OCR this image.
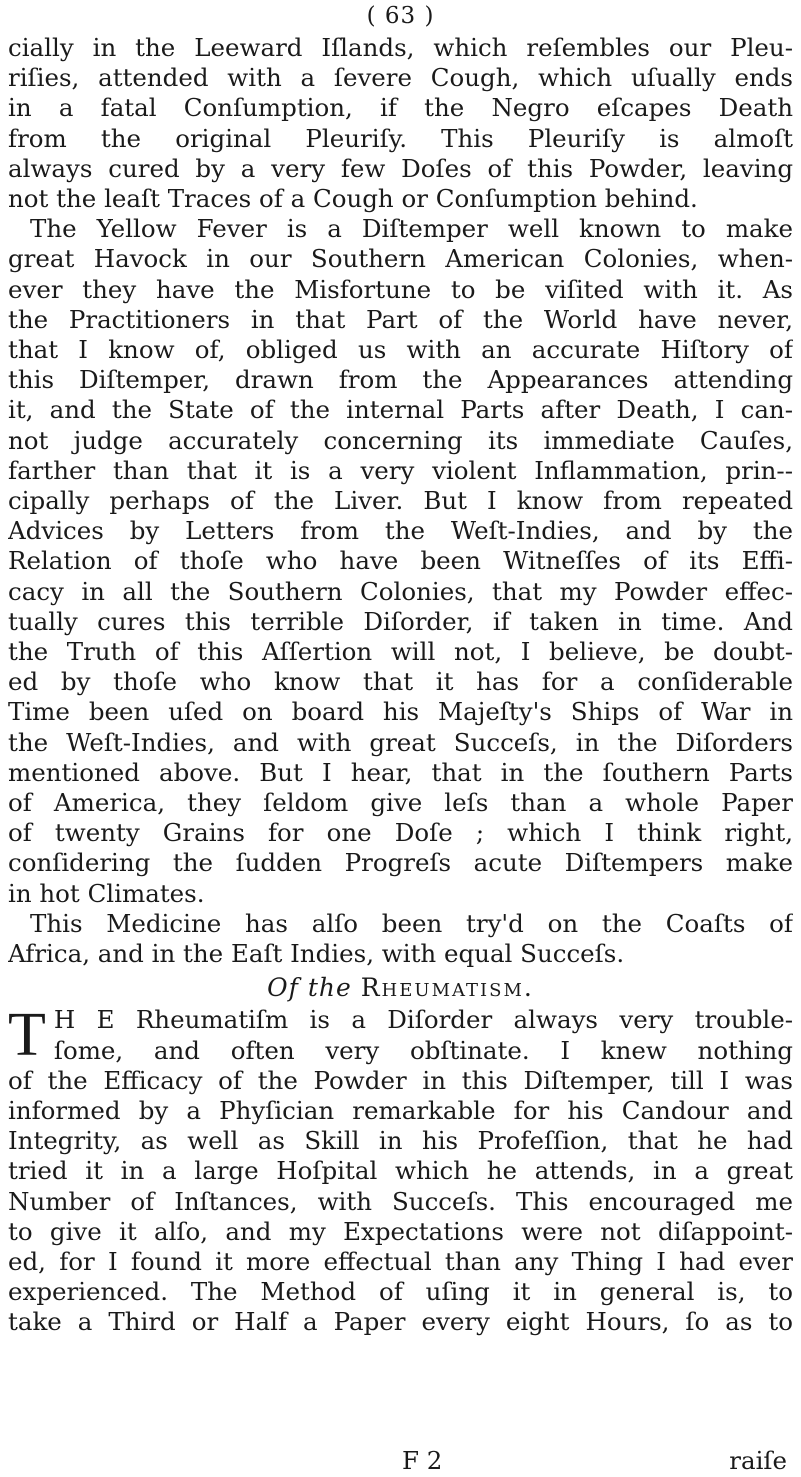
( 63 )
cially in the Leeward Iſlands, which reſembles our Pleu-
riſies, attended with a ſevere Cough, which uſually ends
in a fatal Conſumption, if the Negro eſcapes Death
from the original Pleuriſy. This Pleuriſy is almoſt
always cured by a very few Doſes of this Powder, leaving
not the leaſt Traces of a Cough or Conſumption behind.
The Yellow Fever is a Diſtemper well known to make
great Havock in our Southern American Colonies, when-
ever they have the Misfortune to be viſited with it. As
the Practitioners in that Part of the World have never,
that I know of, obliged us with an accurate Hiſtory of
this Diſtemper, drawn from the Appearances attending
it, and the State of the internal Parts after Death, I can-
not judge accurately concerning its immediate Cauſes,
farther than that it is a very violent Inflammation, prin--
cipally perhaps of the Liver. But I know from repeated
Advices by Letters from the Weſt-Indies, and by the
Relation of thoſe who have been Witneſſes of its Effi-
cacy in all the Southern Colonies, that my Powder effec-
tually cures this terrible Diſorder, if taken in time. And
the Truth of this Aſſertion will not, I believe, be doubt-
ed by thoſe who know that it has for a conſiderable
Time been uſed on board his Majeſty's Ships of War in
the Weſt-Indies, and with great Succeſs, in the Diſorders
mentioned above. But I hear, that in the ſouthern Parts
of America, they ſeldom give leſs than a whole Paper
of twenty Grains for one Doſe ; which I think right,
conſidering the ſudden Progreſs acute Diſtempers make
in hot Climates.
This Medicine has alſo been try'd on the Coaſts of
Africa, and in the Eaſt Indies, with equal Succeſs.
Of the Rheumatism.
T H E Rheumatiſm is a Diſorder always very trouble-
ſome, and often very obſtinate. I knew nothing
of the Efficacy of the Powder in this Diſtemper, till I was
informed by a Phyſician remarkable for his Candour and
Integrity, as well as Skill in his Profeſſion, that he had
tried it in a large Hoſpital which he attends, in a great
Number of Inſtances, with Succeſs. This encouraged me
to give it alſo, and my Expectations were not diſappoint-
ed, for I found it more effectual than any Thing I had ever
experienced. The Method of uſing it in general is, to
take a Third or Half a Paper every eight Hours, ſo as to
F 2	raiſe
